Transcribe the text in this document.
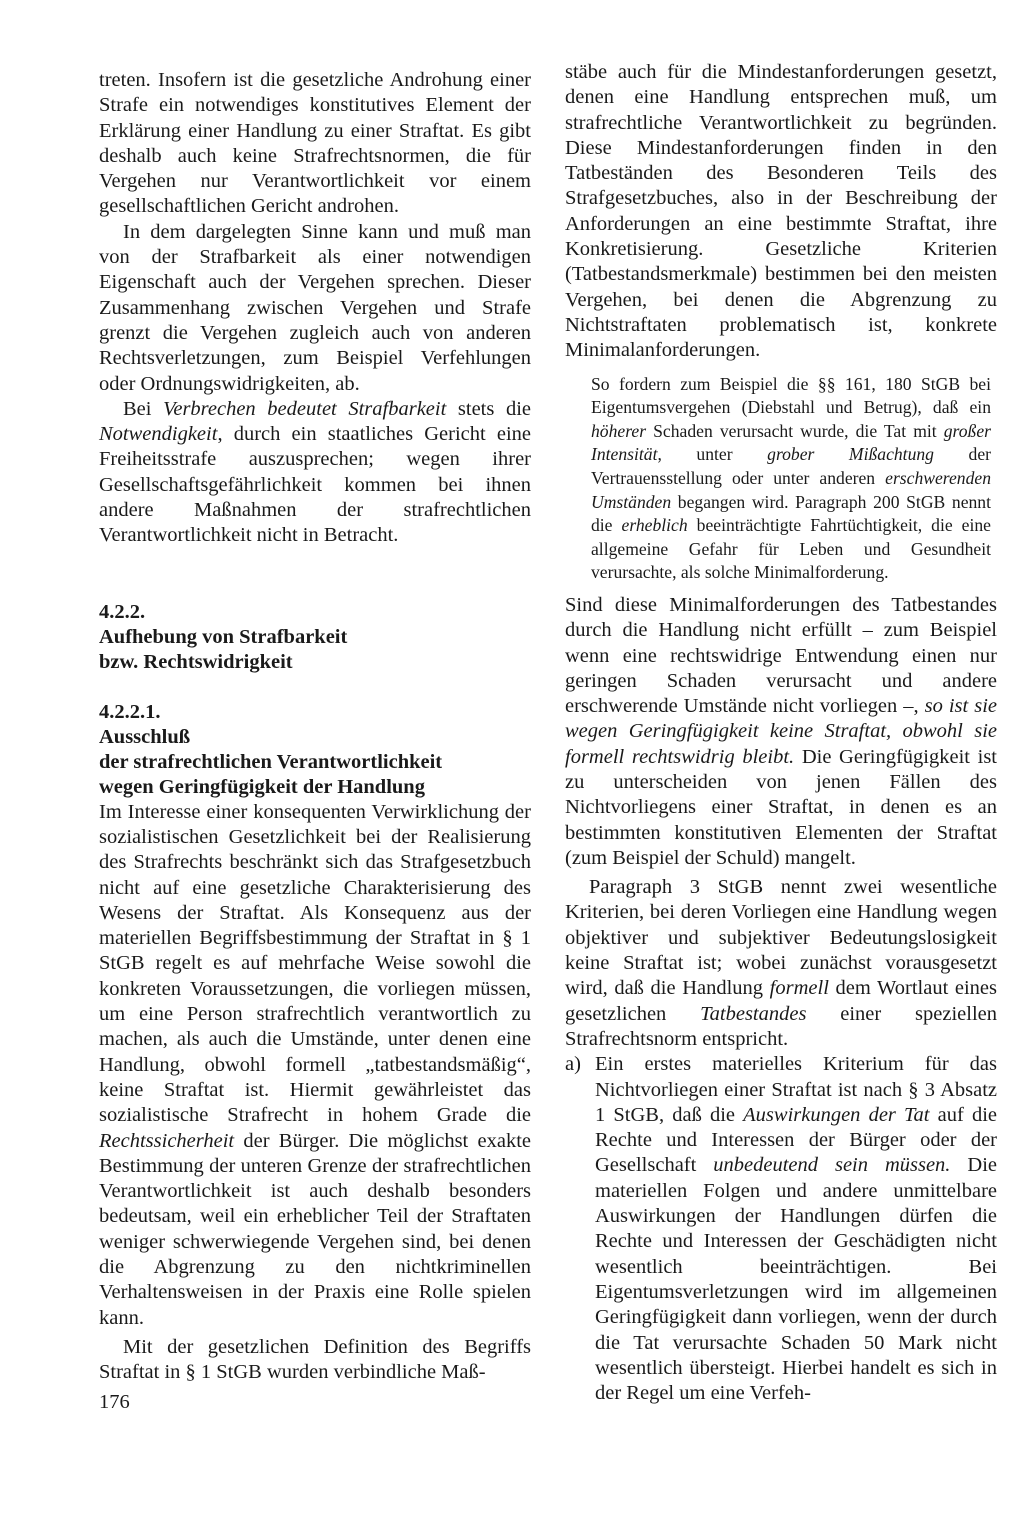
treten. Insofern ist die gesetzliche Androhung einer Strafe ein notwendiges konstitutives Element der Erklärung einer Handlung zu einer Straftat. Es gibt deshalb auch keine Strafrechtsnormen, die für Vergehen nur Verantwortlichkeit vor einem gesellschaftlichen Gericht androhen.

In dem dargelegten Sinne kann und muß man von der Strafbarkeit als einer notwendigen Eigenschaft auch der Vergehen sprechen. Dieser Zusammenhang zwischen Vergehen und Strafe grenzt die Vergehen zugleich auch von anderen Rechtsverletzungen, zum Beispiel Verfehlungen oder Ordnungswidrigkeiten, ab.

Bei Verbrechen bedeutet Strafbarkeit stets die Notwendigkeit, durch ein staatliches Gericht eine Freiheitsstrafe auszusprechen; wegen ihrer Gesellschaftsgefährlichkeit kommen bei ihnen andere Maßnahmen der strafrechtlichen Verantwortlichkeit nicht in Betracht.

4.2.2.

Aufhebung von Strafbarkeit

bzw. Rechtswidrigkeit

4.2.2.1.

Ausschluß

der strafrechtlichen Verantwortlichkeit

wegen Geringfügigkeit der Handlung

Im Interesse einer konsequenten Verwirklichung der sozialistischen Gesetzlichkeit bei der Realisierung des Strafrechts beschränkt sich das Strafgesetzbuch nicht auf eine gesetzliche Charakterisierung des Wesens der Straftat. Als Konsequenz aus der materiellen Begriffsbestimmung der Straftat in § 1 StGB regelt es auf mehrfache Weise sowohl die konkreten Voraussetzungen, die vorliegen müssen, um eine Person strafrechtlich verantwortlich zu machen, als auch die Umstände, unter denen eine Handlung, obwohl formell „tatbestandsmäßig“, keine Straftat ist. Hiermit gewährleistet das sozialistische Strafrecht in hohem Grade die Rechtssicherheit der Bürger. Die möglichst exakte Bestimmung der unteren Grenze der strafrechtlichen Verantwortlichkeit ist auch deshalb besonders bedeutsam, weil ein erheblicher Teil der Straftaten weniger schwerwiegende Vergehen sind, bei denen die Abgrenzung zu den nichtkriminellen Verhaltensweisen in der Praxis eine Rolle spielen kann.

Mit der gesetzlichen Definition des Begriffs Straftat in § 1 StGB wurden verbindliche Maß-

stäbe auch für die Mindestanforderungen gesetzt, denen eine Handlung entsprechen muß, um strafrechtliche Verantwortlichkeit zu begründen. Diese Mindestanforderungen finden in den Tatbeständen des Besonderen Teils des Strafgesetzbuches, also in der Beschreibung der Anforderungen an eine bestimmte Straftat, ihre Konkretisierung. Gesetzliche Kriterien (Tatbestandsmerkmale) bestimmen bei den meisten Vergehen, bei denen die Abgrenzung zu Nichtstraftaten problematisch ist, konkrete Minimalanforderungen.

So fordern zum Beispiel die §§ 161, 180 StGB bei Eigentumsvergehen (Diebstahl und Betrug), daß ein höherer Schaden verursacht wurde, die Tat mit großer Intensität, unter grober Mißachtung der Vertrauensstellung oder unter anderen erschwerenden Umständen begangen wird. Paragraph 200 StGB nennt die erheblich beeinträchtigte Fahrtüchtigkeit, die eine allgemeine Gefahr für Leben und Gesundheit verursachte, als solche Minimalforderung.

Sind diese Minimalforderungen des Tatbestandes durch die Handlung nicht erfüllt – zum Beispiel wenn eine rechtswidrige Entwendung einen nur geringen Schaden verursacht und andere erschwerende Umstände nicht vorliegen –, so ist sie wegen Geringfügigkeit keine Straftat, obwohl sie formell rechtswidrig bleibt. Die Geringfügigkeit ist zu unterscheiden von jenen Fällen des Nichtvorliegens einer Straftat, in denen es an bestimmten konstitutiven Elementen der Straftat (zum Beispiel der Schuld) mangelt.

Paragraph 3 StGB nennt zwei wesentliche Kriterien, bei deren Vorliegen eine Handlung wegen objektiver und subjektiver Bedeutungslosigkeit keine Straftat ist; wobei zunächst vorausgesetzt wird, daß die Handlung formell dem Wortlaut eines gesetzlichen Tatbestandes einer speziellen Strafrechtsnorm entspricht.

a) Ein erstes materielles Kriterium für das Nichtvorliegen einer Straftat ist nach § 3 Absatz 1 StGB, daß die Auswirkungen der Tat auf die Rechte und Interessen der Bürger oder der Gesellschaft unbedeutend sein müssen. Die materiellen Folgen und andere unmittelbare Auswirkungen der Handlungen dürfen die Rechte und Interessen der Geschädigten nicht wesentlich beeinträchtigen. Bei Eigentumsverletzungen wird im allgemeinen Geringfügigkeit dann vorliegen, wenn der durch die Tat verursachte Schaden 50 Mark nicht wesentlich übersteigt. Hierbei handelt es sich in der Regel um eine Verfeh-
176
